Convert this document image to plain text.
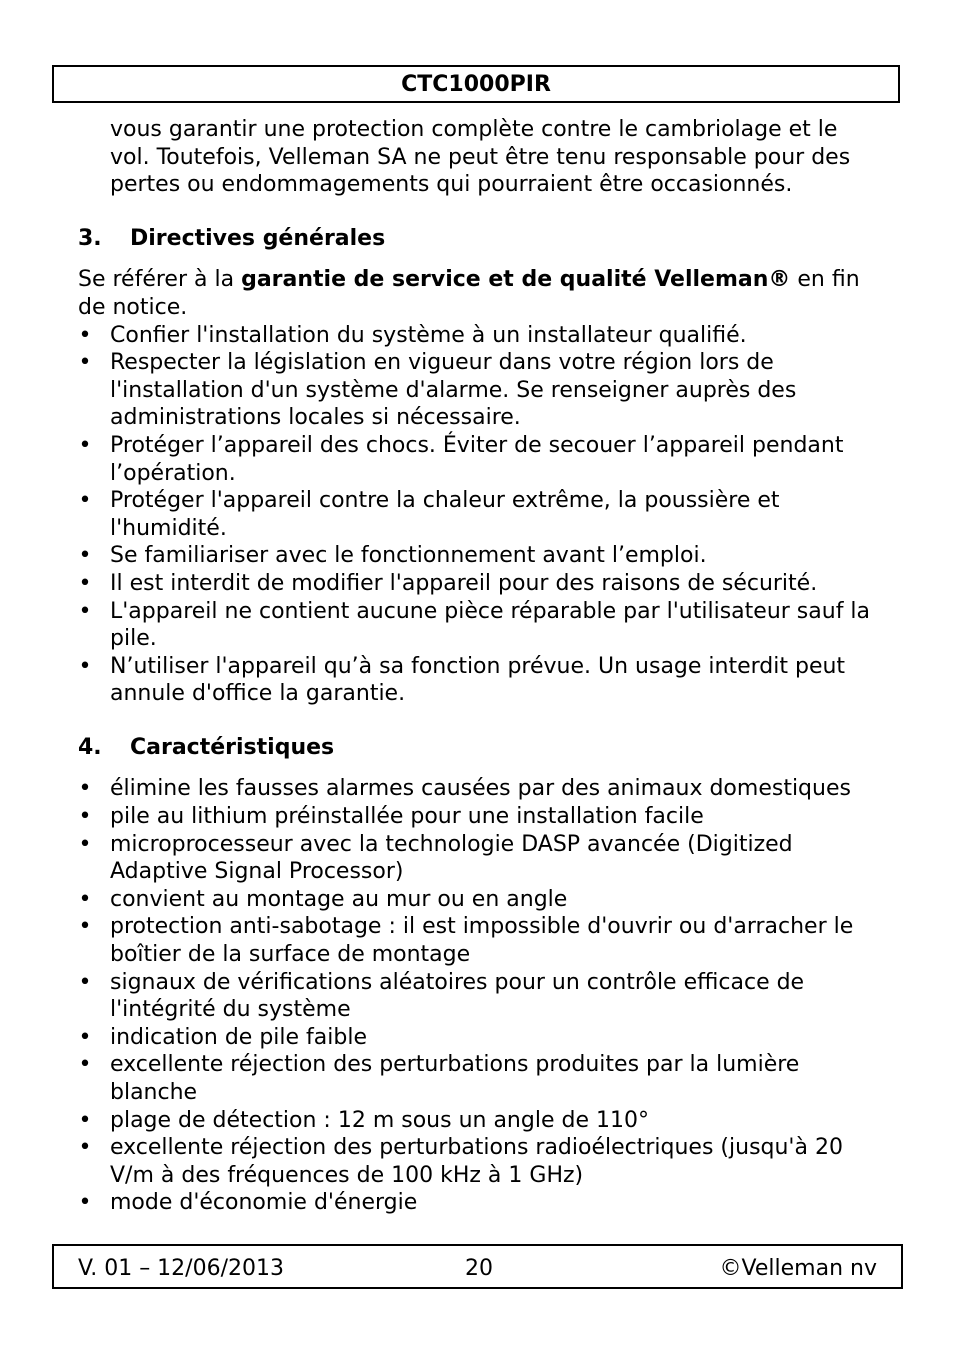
CTC1000PIR

vous garantir une protection complète contre le cambriolage et le vol. Toutefois, Velleman SA ne peut être tenu responsable pour des pertes ou endommagements qui pourraient être occasionnés.

3.	Directives générales

Se référer à la garantie de service et de qualité Velleman® en fin de notice.

• Confier l'installation du système à un installateur qualifié.
• Respecter la législation en vigueur dans votre région lors de l'installation d'un système d'alarme. Se renseigner auprès des administrations locales si nécessaire.
• Protéger l’appareil des chocs. Éviter de secouer l’appareil pendant l’opération.
• Protéger l'appareil contre la chaleur extrême, la poussière et l'humidité.
• Se familiariser avec le fonctionnement avant l’emploi.
• Il est interdit de modifier l'appareil pour des raisons de sécurité.
• L'appareil ne contient aucune pièce réparable par l'utilisateur sauf la pile.
• N’utiliser l'appareil qu’à sa fonction prévue. Un usage interdit peut annule d'office la garantie.
4.	Caractéristiques
• élimine les fausses alarmes causées par des animaux domestiques
• pile au lithium préinstallée pour une installation facile
• microprocesseur avec la technologie DASP avancée (Digitized Adaptive Signal Processor)
• convient au montage au mur ou en angle
• protection anti-sabotage : il est impossible d'ouvrir ou d'arracher le boîtier de la surface de montage
• signaux de vérifications aléatoires pour un contrôle efficace de l'intégrité du système
• indication de pile faible
• excellente réjection des perturbations produites par la lumière blanche
• plage de détection : 12 m sous un angle de 110°
• excellente réjection des perturbations radioélectriques (jusqu'à 20 V/m à des fréquences de 100 kHz à 1 GHz)
• mode d'économie d'énergie
V. 01 – 12/06/2013	20	©Velleman nv
